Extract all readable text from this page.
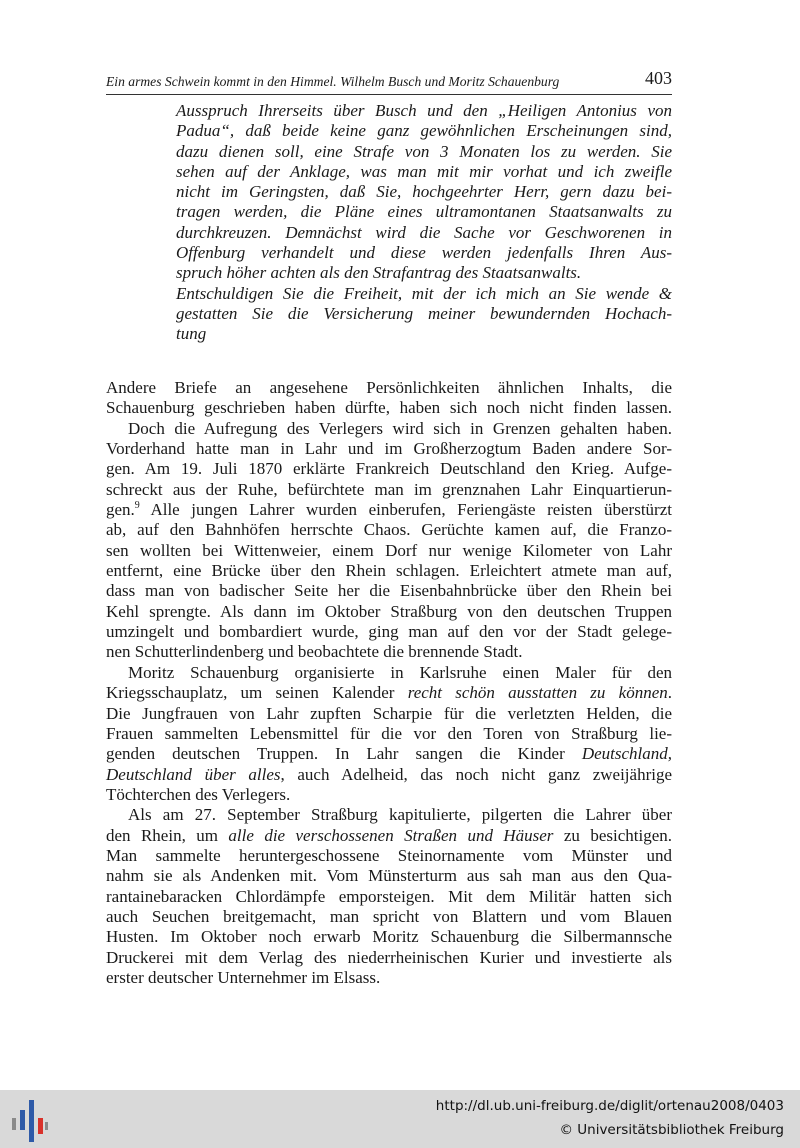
Ein armes Schwein kommt in den Himmel. Wilhelm Busch und Moritz Schauenburg	403
Ausspruch Ihrerseits über Busch und den „Heiligen Antonius von
Padua“, daß beide keine ganz gewöhnlichen Erscheinungen sind,
dazu dienen soll, eine Strafe von 3 Monaten los zu werden. Sie
sehen auf der Anklage, was man mit mir vorhat und ich zweifle
nicht im Geringsten, daß Sie, hochgeehrter Herr, gern dazu bei-
tragen werden, die Pläne eines ultramontanen Staatsanwalts zu
durchkreuzen. Demnächst wird die Sache vor Geschworenen in
Offenburg verhandelt und diese werden jedenfalls Ihren Aus-
spruch höher achten als den Strafantrag des Staatsanwalts.
Entschuldigen Sie die Freiheit, mit der ich mich an Sie wende &
gestatten Sie die Versicherung meiner bewundernden Hochach-
tung
Andere Briefe an angesehene Persönlichkeiten ähnlichen Inhalts, die
Schauenburg geschrieben haben dürfte, haben sich noch nicht finden lassen.
Doch die Aufregung des Verlegers wird sich in Grenzen gehalten haben.
Vorderhand hatte man in Lahr und im Großherzogtum Baden andere Sor-
gen. Am 19. Juli 1870 erklärte Frankreich Deutschland den Krieg. Aufge-
schreckt aus der Ruhe, befürchtete man im grenznahen Lahr Einquartierun-
gen.$^9$ Alle jungen Lahrer wurden einberufen, Feriengäste reisten überstürzt
ab, auf den Bahnhöfen herrschte Chaos. Gerüchte kamen auf, die Franzo-
sen wollten bei Wittenweier, einem Dorf nur wenige Kilometer von Lahr
entfernt, eine Brücke über den Rhein schlagen. Erleichtert atmete man auf,
dass man von badischer Seite her die Eisenbahnbrücke über den Rhein bei
Kehl sprengte. Als dann im Oktober Straßburg von den deutschen Truppen
umzingelt und bombardiert wurde, ging man auf den vor der Stadt gelege-
nen Schutterlindenberg und beobachtete die brennende Stadt.
Moritz Schauenburg organisierte in Karlsruhe einen Maler für den
Kriegsschauplatz, um seinen Kalender recht schön ausstatten zu können.
Die Jungfrauen von Lahr zupften Scharpie für die verletzten Helden, die
Frauen sammelten Lebensmittel für die vor den Toren von Straßburg lie-
genden deutschen Truppen. In Lahr sangen die Kinder Deutschland,
Deutschland über alles, auch Adelheid, das noch nicht ganz zweijährige
Töchterchen des Verlegers.
Als am 27. September Straßburg kapitulierte, pilgerten die Lahrer über
den Rhein, um alle die verschossenen Straßen und Häuser zu besichtigen.
Man sammelte heruntergeschossene Steinornamente vom Münster und
nahm sie als Andenken mit. Vom Münsterturm aus sah man aus den Qua-
rantainebaracken Chlordämpfe emporsteigen. Mit dem Militär hatten sich
auch Seuchen breitgemacht, man spricht von Blattern und vom Blauen
Husten. Im Oktober noch erwarb Moritz Schauenburg die Silbermannsche
Druckerei mit dem Verlag des niederrheinischen Kurier und investierte als
erster deutscher Unternehmer im Elsass.
http://dl.ub.uni-freiburg.de/diglit/ortenau2008/0403
© Universitätsbibliothek Freiburg
